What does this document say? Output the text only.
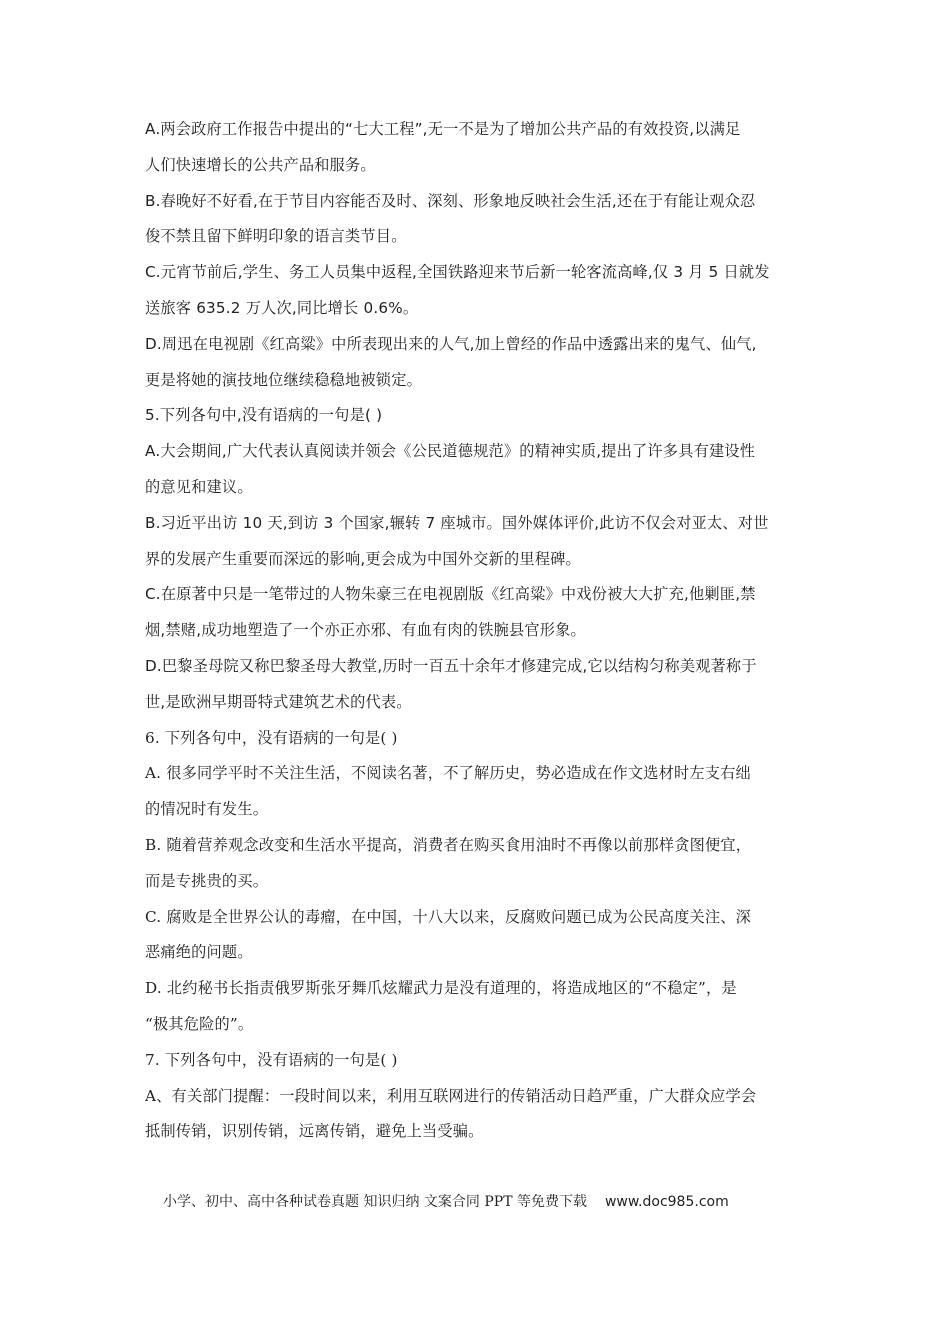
A.两会政府工作报告中提出的“七大工程”,无一不是为了增加公共产品的有效投资,以满足
人们快速增长的公共产品和服务。
B.春晚好不好看,在于节目内容能否及时、深刻、形象地反映社会生活,还在于有能让观众忍
俊不禁且留下鲜明印象的语言类节目。
C.元宵节前后,学生、务工人员集中返程,全国铁路迎来节后新一轮客流高峰,仅 3 月 5 日就发
送旅客 635.2 万人次,同比增长 0.6%。
D.周迅在电视剧《红高粱》中所表现出来的人气,加上曾经的作品中透露出来的鬼气、仙气,
更是将她的演技地位继续稳稳地被锁定。
5.下列各句中,没有语病的一句是( )
A.大会期间,广大代表认真阅读并领会《公民道德规范》的精神实质,提出了许多具有建设性
的意见和建议。
B.习近平出访 10 天,到访 3 个国家,辗转 7 座城市。国外媒体评价,此访不仅会对亚太、对世
界的发展产生重要而深远的影响,更会成为中国外交新的里程碑。
C.在原著中只是一笔带过的人物朱豪三在电视剧版《红高粱》中戏份被大大扩充,他剿匪,禁
烟,禁赌,成功地塑造了一个亦正亦邪、有血有肉的铁腕县官形象。
D.巴黎圣母院又称巴黎圣母大教堂,历时一百五十余年才修建完成,它以结构匀称美观著称于
世,是欧洲早期哥特式建筑艺术的代表。
6. 下列各句中，没有语病的一句是( )
A. 很多同学平时不关注生活，不阅读名著，不了解历史，势必造成在作文选材时左支右绌
的情况时有发生。
B. 随着营养观念改变和生活水平提高，消费者在购买食用油时不再像以前那样贪图便宜，
而是专挑贵的买。
C. 腐败是全世界公认的毒瘤，在中国，十八大以来，反腐败问题已成为公民高度关注、深
恶痛绝的问题。
D. 北约秘书长指责俄罗斯张牙舞爪炫耀武力是没有道理的，将造成地区的“不稳定”，是
“极其危险的”。
7. 下列各句中，没有语病的一句是( )
A、有关部门提醒：一段时间以来，利用互联网进行的传销活动日趋严重，广大群众应学会
抵制传销，识别传销，远离传销，避免上当受骗。
小学、初中、高中各种试卷真题 知识归纳 文案合同 PPT 等免费下载 www.doc985.com
